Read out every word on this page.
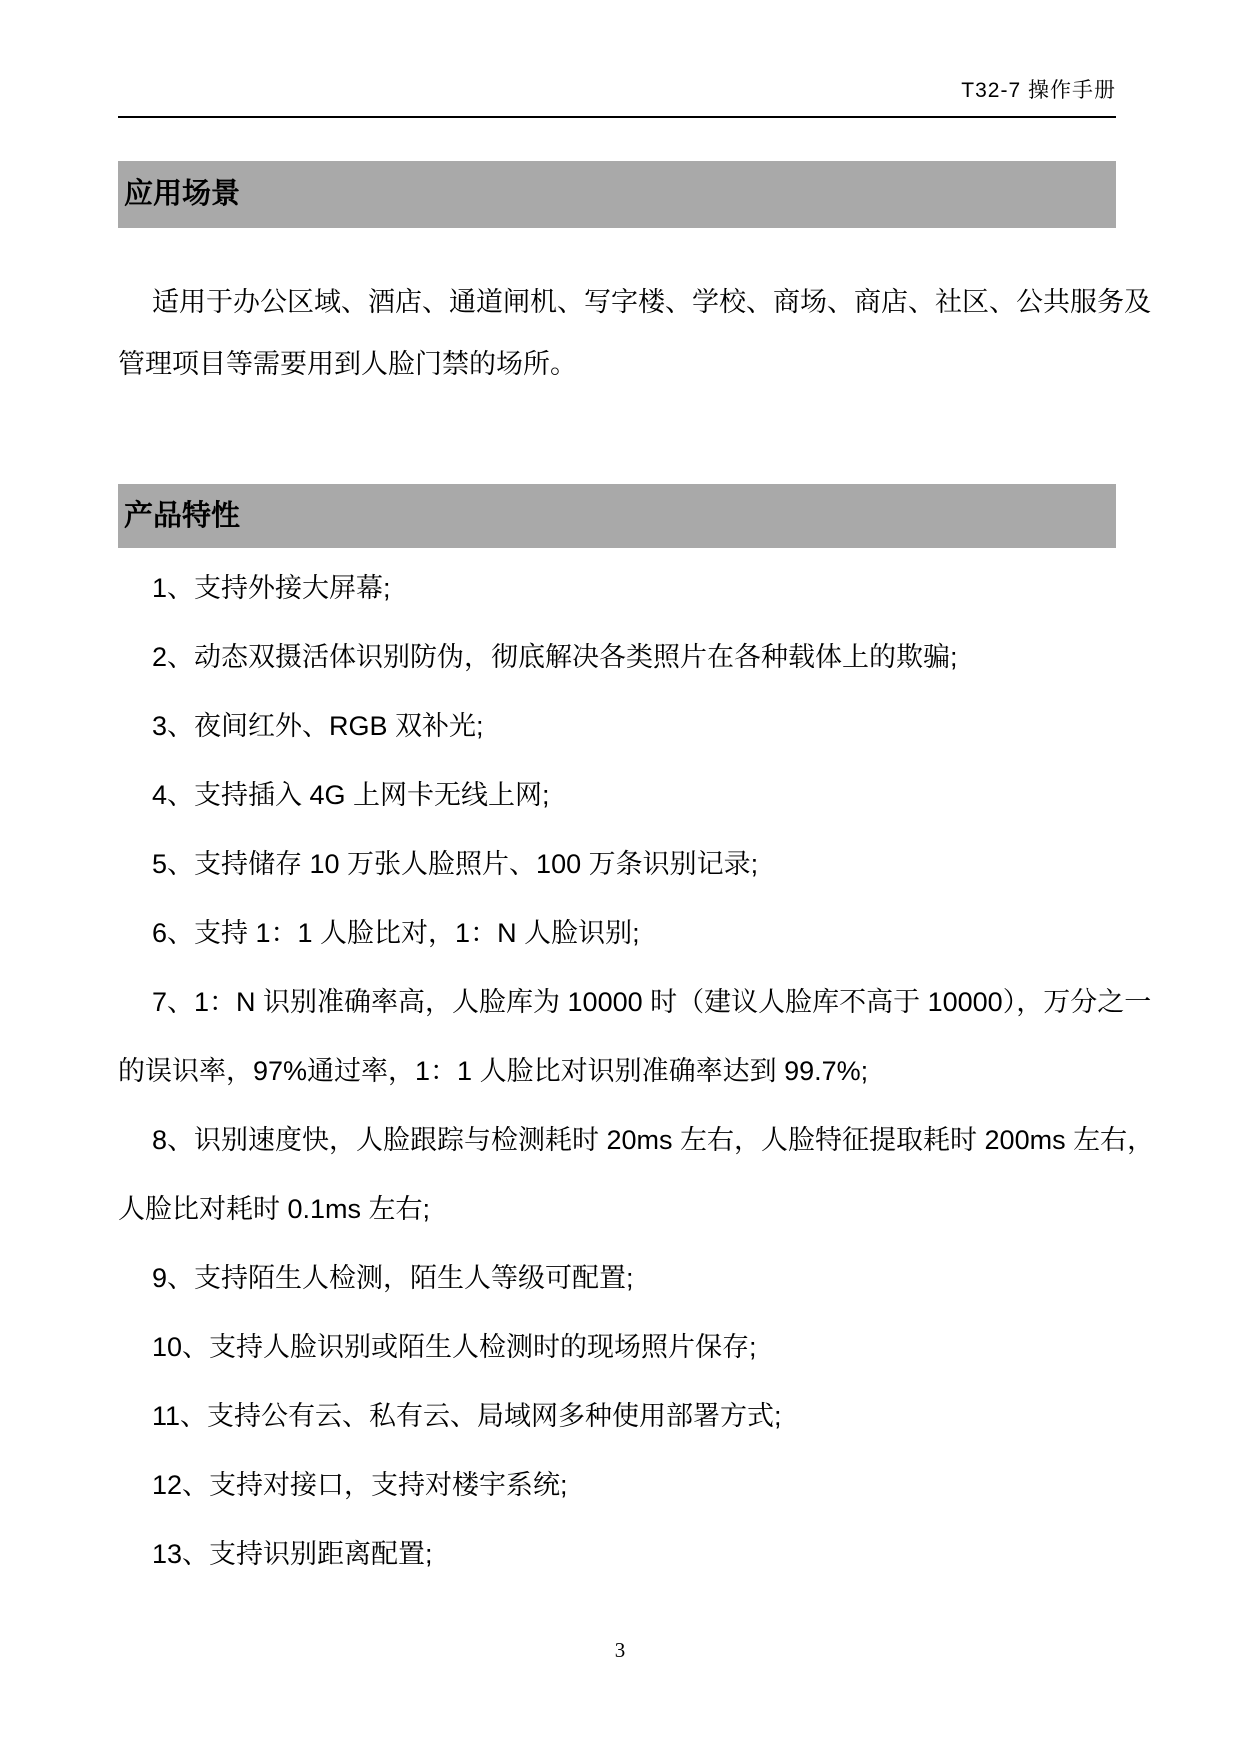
T32-7 操作手册
应用场景
适用于办公区域、酒店、通道闸机、写字楼、学校、商场、商店、社区、公共服务及
管理项目等需要用到人脸门禁的场所。
产品特性
1、支持外接大屏幕;
2、动态双摄活体识别防伪，彻底解决各类照片在各种载体上的欺骗;
3、夜间红外、RGB 双补光;
4、支持插入 4G 上网卡无线上网;
5、支持储存 10 万张人脸照片、100 万条识别记录;
6、支持 1：1 人脸比对，1：N 人脸识别;
7、1：N 识别准确率高，人脸库为 10000 时（建议人脸库不高于 10000），万分之一
的误识率，97%通过率，1：1 人脸比对识别准确率达到 99.7%;
8、识别速度快，人脸跟踪与检测耗时 20ms 左右，人脸特征提取耗时 200ms 左右，
人脸比对耗时 0.1ms 左右;
9、支持陌生人检测，陌生人等级可配置;
10、支持人脸识别或陌生人检测时的现场照片保存;
11、支持公有云、私有云、局域网多种使用部署方式;
12、支持对接口，支持对楼宇系统;
13、支持识别距离配置;
3
